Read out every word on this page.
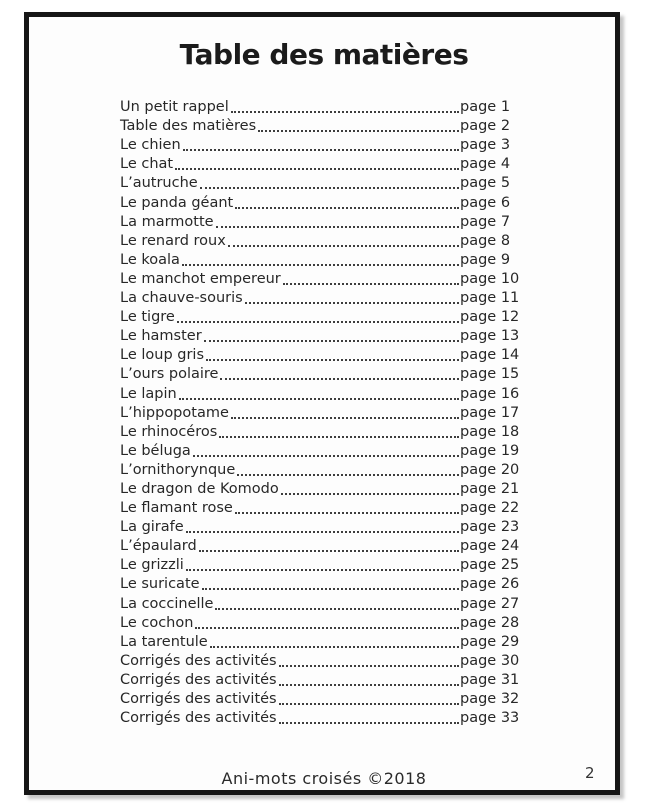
Table des matières
Un petit rappel	page 1
Table des matières	page 2
Le chien	page 3
Le chat	page 4
L’autruche	page 5
Le panda géant	page 6
La marmotte	page 7
Le renard roux	page 8
Le koala	page 9
Le manchot empereur	page 10
La chauve-souris	page 11
Le tigre	page 12
Le hamster	page 13
Le loup gris	page 14
L’ours polaire	page 15
Le lapin	page 16
L’hippopotame	page 17
Le rhinocéros	page 18
Le béluga	page 19
L’ornithorynque	page 20
Le dragon de Komodo	page 21
Le flamant rose	page 22
La girafe	page 23
L’épaulard	page 24
Le grizzli	page 25
Le suricate	page 26
La coccinelle	page 27
Le cochon	page 28
La tarentule	page 29
Corrigés des activités	page 30
Corrigés des activités	page 31
Corrigés des activités	page 32
Corrigés des activités	page 33
Ani-mots croisés ©2018	2
